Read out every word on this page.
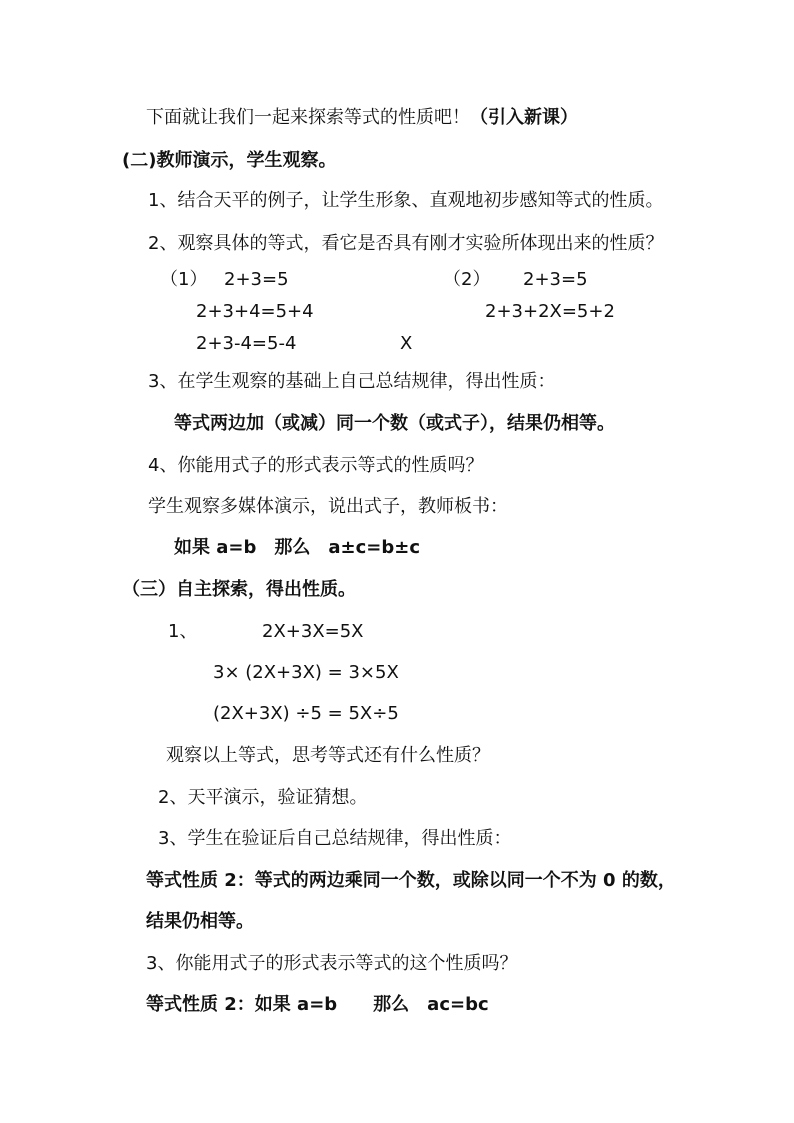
下面就让我们一起来探索等式的性质吧！（引入新课）
(二)教师演示，学生观察。
1、结合天平的例子，让学生形象、直观地初步感知等式的性质。
2、观察具体的等式，看它是否具有刚才实验所体现出来的性质？
（1） 2+3=5	（2） 2+3=5
2+3+4=5+4	2+3+2X=5+2
2+3-4=5-4	X
3、在学生观察的基础上自己总结规律，得出性质：
等式两边加（或减）同一个数（或式子），结果仍相等。
4、你能用式子的形式表示等式的性质吗？
学生观察多媒体演示，说出式子，教师板书：
如果 a=b　那么　a±c=b±c
（三）自主探索，得出性质。
1、	2X+3X=5X
3× (2X+3X) = 3×5X
(2X+3X) ÷5 = 5X÷5
观察以上等式，思考等式还有什么性质？
2、天平演示，验证猜想。
3、学生在验证后自己总结规律，得出性质：
等式性质 2：等式的两边乘同一个数，或除以同一个不为 0 的数，
结果仍相等。
3、你能用式子的形式表示等式的这个性质吗？
等式性质 2：如果 a=b　　那么　ac=bc
